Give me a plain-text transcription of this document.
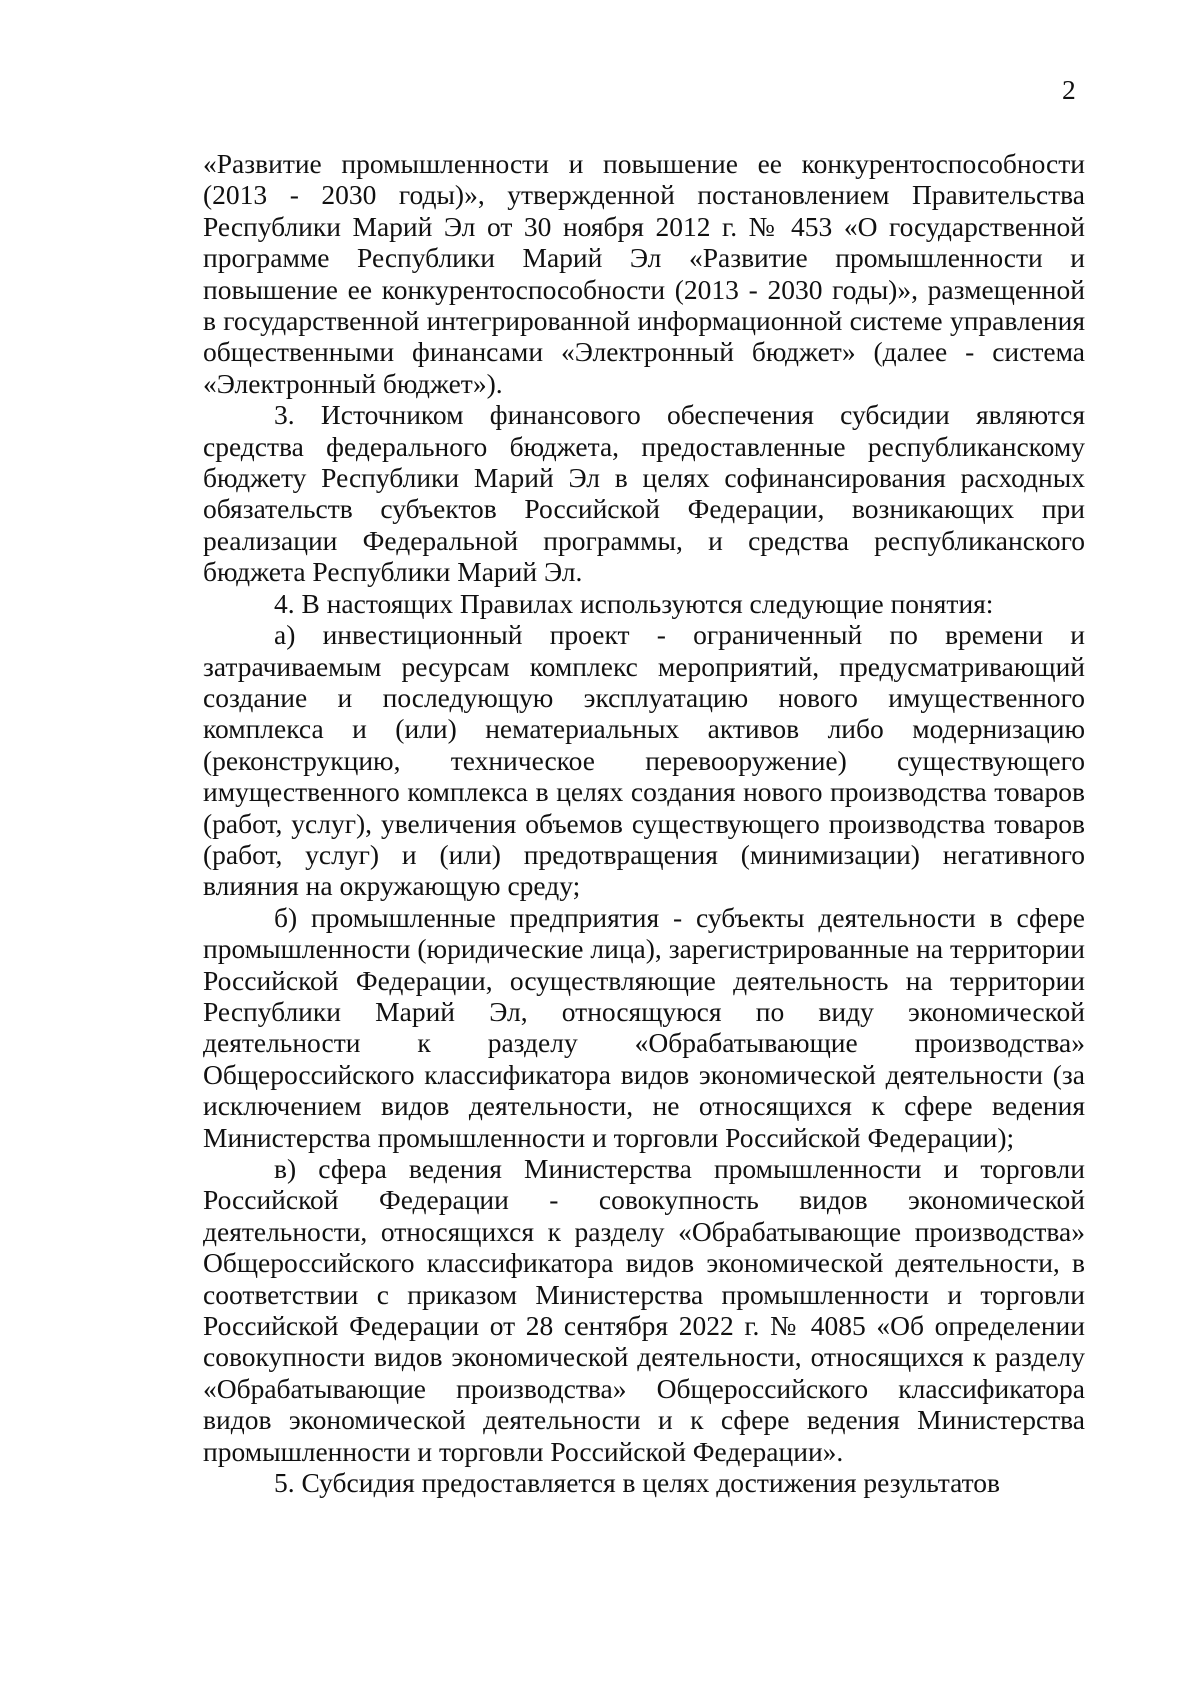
2

«Развитие промышленности и повышение ее конкурентоспособности (2013 - 2030 годы)», утвержденной постановлением Правительства Республики Марий Эл от 30 ноября 2012 г. № 453 «О государственной программе Республики Марий Эл «Развитие промышленности и повышение ее конкурентоспособности (2013 - 2030 годы)», размещенной в государственной интегрированной информационной системе управления общественными финансами «Электронный бюджет» (далее - система «Электронный бюджет»).

3. Источником финансового обеспечения субсидии являются средства федерального бюджета, предоставленные республиканскому бюджету Республики Марий Эл в целях софинансирования расходных обязательств субъектов Российской Федерации, возникающих при реализации Федеральной программы, и средства республиканского бюджета Республики Марий Эл.

4. В настоящих Правилах используются следующие понятия:

а) инвестиционный проект - ограниченный по времени и затрачиваемым ресурсам комплекс мероприятий, предусматривающий создание и последующую эксплуатацию нового имущественного комплекса и (или) нематериальных активов либо модернизацию (реконструкцию, техническое перевооружение) существующего имущественного комплекса в целях создания нового производства товаров (работ, услуг), увеличения объемов существующего производства товаров (работ, услуг) и (или) предотвращения (минимизации) негативного влияния на окружающую среду;

б) промышленные предприятия - субъекты деятельности в сфере промышленности (юридические лица), зарегистрированные на территории Российской Федерации, осуществляющие деятельность на территории Республики Марий Эл, относящуюся по виду экономической деятельности к разделу «Обрабатывающие производства» Общероссийского классификатора видов экономической деятельности (за исключением видов деятельности, не относящихся к сфере ведения Министерства промышленности и торговли Российской Федерации);

в) сфера ведения Министерства промышленности и торговли Российской Федерации - совокупность видов экономической деятельности, относящихся к разделу «Обрабатывающие производства» Общероссийского классификатора видов экономической деятельности, в соответствии с приказом Министерства промышленности и торговли Российской Федерации от 28 сентября 2022 г. № 4085 «Об определении совокупности видов экономической деятельности, относящихся к разделу «Обрабатывающие производства» Общероссийского классификатора видов экономической деятельности и к сфере ведения Министерства промышленности и торговли Российской Федерации».

5. Субсидия предоставляется в целях достижения результатов
